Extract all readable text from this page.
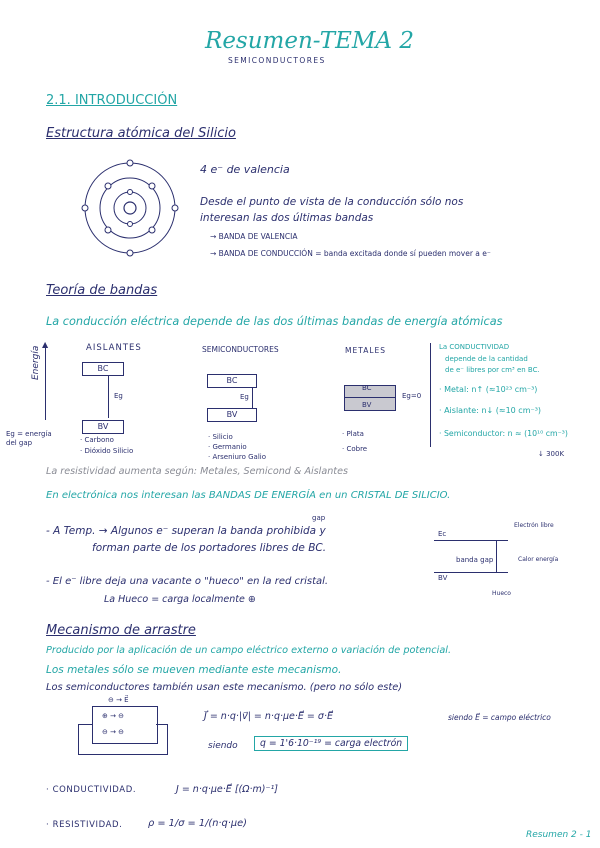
Resumen-TEMA 2
SEMICONDUCTORES
2.1. INTRODUCCIÓN
Estructura atómica del Silicio
4 e⁻ de valencia
Desde el punto de vista de la conducción sólo nos
interesan las dos últimas bandas
→ BANDA DE VALENCIA
→ BANDA DE CONDUCCIÓN = banda excitada donde sí pueden mover a e⁻
Teoría de bandas
La conducción eléctrica depende de las dos últimas bandas de energía atómicas
Energía
▲
Eg = energía del gap
AISLANTES
BC
Eg
BV
· Carbono
· Dióxido Silicio
SEMICONDUCTORES
BC
Eg
BV
· Silicio
· Germanio
· Arseniuro Galio
METALES
BC
BV
Eg=0
· Plata
· Cobre
La CONDUCTIVIDAD
depende de la cantidad
de e⁻ libres por cm³ en BC.
· Metal: n↑ (≈10²³ cm⁻³)
· Aislante: n↓ (≈10 cm⁻³)
· Semiconductor: n ≈ (10¹⁰ cm⁻³)
↓ 300K
La resistividad aumenta según: Metales, Semicond & Aislantes
En electrónica nos interesan las BANDAS DE ENERGÍA en un CRISTAL DE SILICIO.
gap
- A Temp. → Algunos e⁻ superan la banda prohibida y
forman parte de los portadores libres de BC.
- El e⁻ libre deja una vacante o "hueco" en la red cristal.
La Hueco = carga localmente ⊕
Ec
banda gap
BV
Electrón libre
Calor energía
Hueco
Mecanismo de arrastre
Producido por la aplicación de un campo eléctrico externo o variación de potencial.
Los metales sólo se mueven mediante este mecanismo.
Los semiconductores también usan este mecanismo. (pero no sólo este)
⊖ → E⃗
⊕ → ⊖
⊖ → ⊖
J⃗ = n·q·|v⃗| = n·q·μe·E⃗ = σ·E⃗	siendo E⃗ = campo eléctrico
siendo	q = 1'6·10⁻¹⁹ = carga electrón
· CONDUCTIVIDAD.	J = n·q·μe·E⃗ [(Ω·m)⁻¹]
· RESISTIVIDAD.	ρ = 1/σ = 1/(n·q·μe)
Resumen 2 - 1
